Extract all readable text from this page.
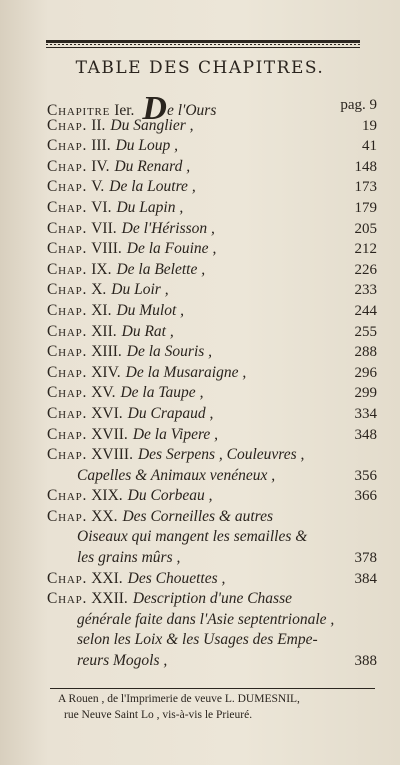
TABLE DES CHAPITRES.
Chapitre Ier. De l'Ours	pag. 9
Chap. II. Du Sanglier ,	19
Chap. III. Du Loup ,	41
Chap. IV. Du Renard ,	148
Chap. V. De la Loutre ,	173
Chap. VI. Du Lapin ,	179
Chap. VII. De l'Hérisson ,	205
Chap. VIII. De la Fouine ,	212
Chap. IX. De la Belette ,	226
Chap. X. Du Loir ,	233
Chap. XI. Du Mulot ,	244
Chap. XII. Du Rat ,	255
Chap. XIII. De la Souris ,	288
Chap. XIV. De la Musaraigne ,	296
Chap. XV. De la Taupe ,	299
Chap. XVI. Du Crapaud ,	334
Chap. XVII. De la Vipere ,	348
Chap. XVIII. Des Serpens , Couleuvres ,
Capelles & Animaux venéneux ,	356
Chap. XIX. Du Corbeau ,	366
Chap. XX. Des Corneilles & autres
Oiseaux qui mangent les semailles &
les grains mûrs ,	378
Chap. XXI. Des Chouettes ,	384
Chap. XXII. Description d'une Chasse
générale faite dans l'Asie septentrionale ,
selon les Loix & les Usages des Empe-
reurs Mogols ,	388
A Rouen , de l'Imprimerie de veuve L. DUMESNIL,
rue Neuve Saint Lo , vis-à-vis le Prieuré.
